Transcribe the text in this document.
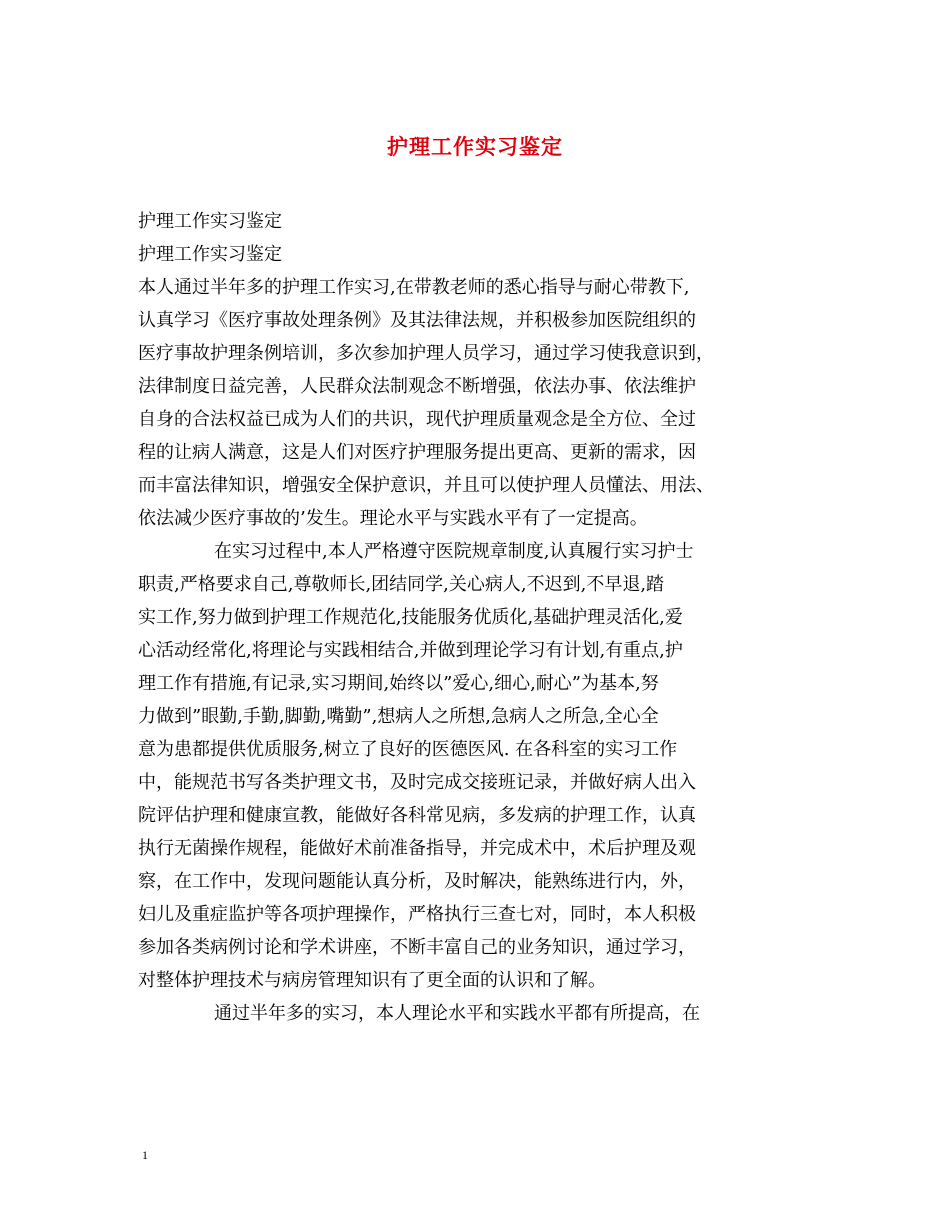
护理工作实习鉴定
护理工作实习鉴定
护理工作实习鉴定
本人通过半年多的护理工作实习,在带教老师的悉心指导与耐心带教下,
认真学习《医疗事故处理条例》及其法律法规，并积极参加医院组织的
医疗事故护理条例培训，多次参加护理人员学习，通过学习使我意识到，
法律制度日益完善，人民群众法制观念不断增强，依法办事、依法维护
自身的合法权益已成为人们的共识，现代护理质量观念是全方位、全过
程的让病人满意，这是人们对医疗护理服务提出更高、更新的需求，因
而丰富法律知识，增强安全保护意识，并且可以使护理人员懂法、用法、
依法减少医疗事故的’发生。理论水平与实践水平有了一定提高。
在实习过程中,本人严格遵守医院规章制度,认真履行实习护士
职责,严格要求自己,尊敬师长,团结同学,关心病人,不迟到,不早退,踏
实工作,努力做到护理工作规范化,技能服务优质化,基础护理灵活化,爱
心活动经常化,将理论与实践相结合,并做到理论学习有计划,有重点,护
理工作有措施,有记录,实习期间,始终以”爱心,细心,耐心”为基本,努
力做到”眼勤,手勤,脚勤,嘴勤”,想病人之所想,急病人之所急,全心全
意为患都提供优质服务,树立了良好的医德医风. 在各科室的实习工作
中，能规范书写各类护理文书，及时完成交接班记录，并做好病人出入
院评估护理和健康宣教，能做好各科常见病，多发病的护理工作，认真
执行无菌操作规程，能做好术前准备指导，并完成术中，术后护理及观
察，在工作中，发现问题能认真分析，及时解决，能熟练进行内，外，
妇儿及重症监护等各项护理操作，严格执行三查七对，同时，本人积极
参加各类病例讨论和学术讲座，不断丰富自己的业务知识，通过学习，
对整体护理技术与病房管理知识有了更全面的认识和了解。
通过半年多的实习，本人理论水平和实践水平都有所提高，在
1
